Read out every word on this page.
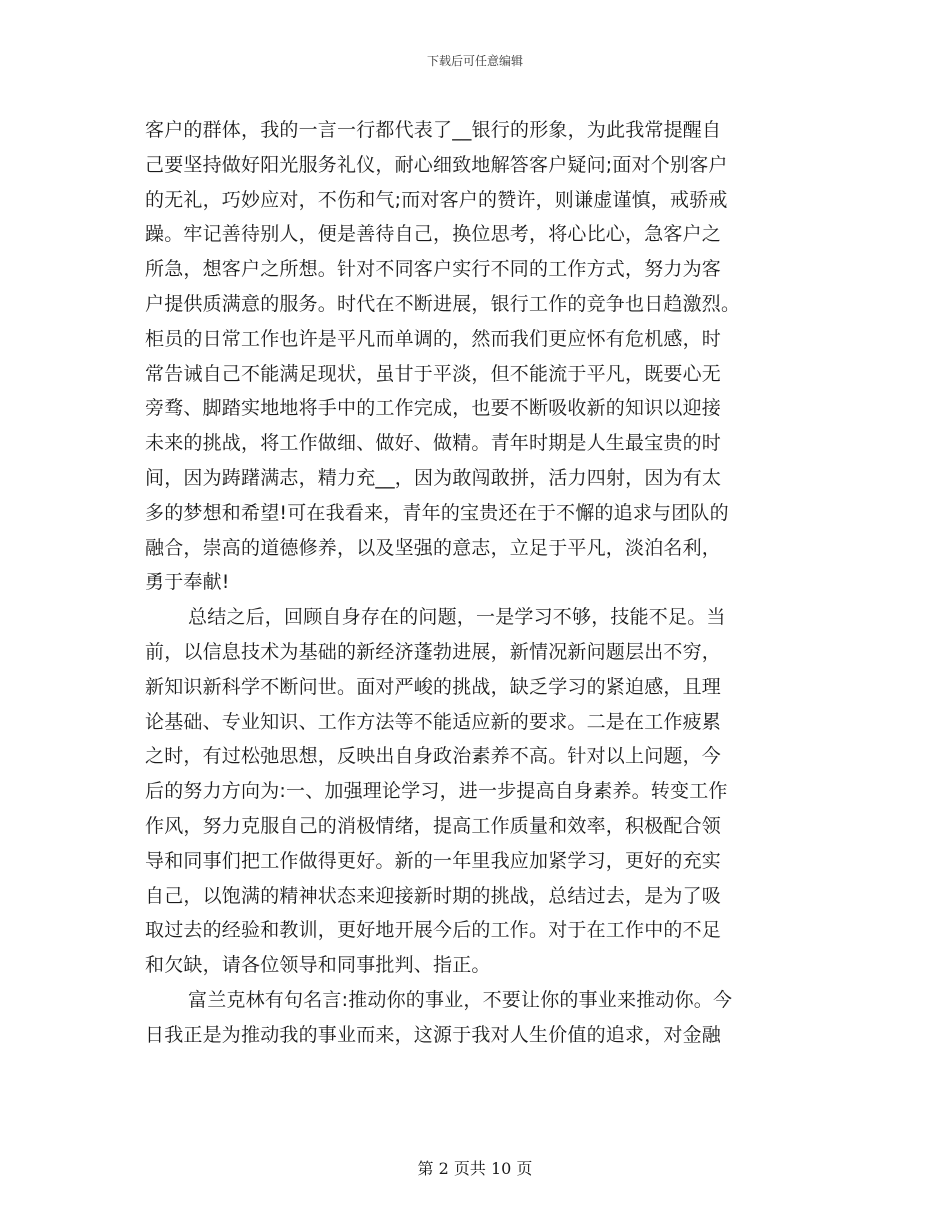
下载后可任意编辑
客户的群体，我的一言一行都代表了__银行的形象，为此我常提醒自
己要坚持做好阳光服务礼仪，耐心细致地解答客户疑问;面对个别客户
的无礼，巧妙应对，不伤和气;而对客户的赞许，则谦虚谨慎，戒骄戒
躁。牢记善待别人，便是善待自己，换位思考，将心比心，急客户之
所急，想客户之所想。针对不同客户实行不同的工作方式，努力为客
户提供质满意的服务。时代在不断进展，银行工作的竞争也日趋激烈。
柜员的日常工作也许是平凡而单调的，然而我们更应怀有危机感，时
常告诫自己不能满足现状，虽甘于平淡，但不能流于平凡，既要心无
旁骛、脚踏实地地将手中的工作完成，也要不断吸收新的知识以迎接
未来的挑战，将工作做细、做好、做精。青年时期是人生最宝贵的时
间，因为踌躇满志，精力充__，因为敢闯敢拼，活力四射，因为有太
多的梦想和希望!可在我看来，青年的宝贵还在于不懈的追求与团队的
融合，崇高的道德修养，以及坚强的意志，立足于平凡，淡泊名利，
勇于奉献!
总结之后，回顾自身存在的问题，一是学习不够，技能不足。当
前，以信息技术为基础的新经济蓬勃进展，新情况新问题层出不穷，
新知识新科学不断问世。面对严峻的挑战，缺乏学习的紧迫感，且理
论基础、专业知识、工作方法等不能适应新的要求。二是在工作疲累
之时，有过松弛思想，反映出自身政治素养不高。针对以上问题，今
后的努力方向为:一、加强理论学习，进一步提高自身素养。转变工作
作风，努力克服自己的消极情绪，提高工作质量和效率，积极配合领
导和同事们把工作做得更好。新的一年里我应加紧学习，更好的充实
自己，以饱满的精神状态来迎接新时期的挑战，总结过去，是为了吸
取过去的经验和教训，更好地开展今后的工作。对于在工作中的不足
和欠缺，请各位领导和同事批判、指正。
富兰克林有句名言:推动你的事业，不要让你的事业来推动你。今
日我正是为推动我的事业而来，这源于我对人生价值的追求，对金融
第 2 页共 10 页
